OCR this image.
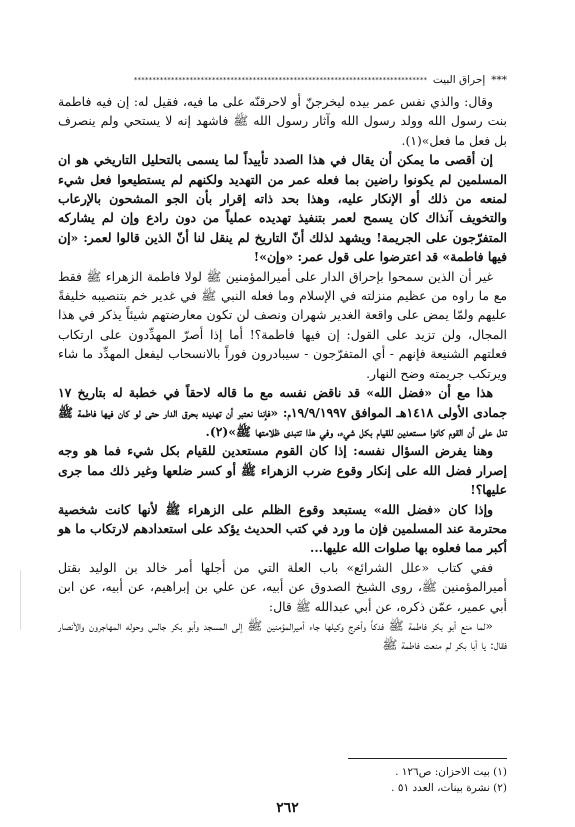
***
إحراق البيت
*******************************************************************************

وقال: والذي نفس عمر بيده ليخرجنّ أو لاحرقنّه على ما فيه، فقيل له: إن فيه فاطمة بنت رسول الله وولد رسول الله وآثار رسول الله ﷺ فاشهد إنه لا يستحي ولم ينصرف بل فعل ما فعل»(١).

إن أقصى ما يمكن أن يقال في هذا الصدد تأييداً لما يسمى بالتحليل التاريخي هو ان المسلمين لم يكونوا راضين بما فعله عمر من التهديد ولكنهم لم يستطيعوا فعل شيء لمنعه من ذلك أو الإنكار عليه، وهذا بحد ذاته إقرار بأن الجو المشحون بالإرعاب والتخويف آنذاك كان يسمح لعمر بتنفيذ تهديده عملياً من دون رادع وإن لم يشاركه المتفرّجون على الجريمة! ويشهد لذلك أنّ التاريخ لم ينقل لنا أنّ الذين قالوا لعمر: «إن فيها فاطمة» قد اعترضوا على قول عمر: «وإن»!

غير أن الذين سمحوا بإحراق الدار على أميرالمؤمنين ﷺ لولا فاطمة الزهراء ﷺ فقط مع ما راوه من عظيم منزلته في الإسلام وما فعله النبي ﷺ في غدير خم بتنصيبه خليفةً عليهم ولمّا يمض على واقعة الغدير شهران ونصف لن تكون معارضتهم شيئاً يذكر في هذا المجال، ولن تزيد على القول: إن فيها فاطمة؟! أما إذا أصرّ المهدِّدون على ارتكاب فعلتهم الشنيعة فإنهم - أي المتفرّجون - سيبادرون فوراً بالانسحاب ليفعل المهدِّد ما شاء ويرتكب جريمته وضح النهار.

هذا مع أن «فضل الله» قد ناقض نفسه مع ما قاله لاحقاً في خطبة له بتاريخ ١٧ جمادى الأولى ١٤١٨هـ الموافق ١٩/٩/١٩٩٧م: «فإننا نعتبر أن تهديده بحرق الدار حتى لو كان فيها فاطمة ﷺ تدل على أن القوم كانوا مستعدين للقيام بكل شيء، وفي هذا تتبدى ظلامتها ﷺ»(٢).

وهنا يفرض السؤال نفسه: إذا كان القوم مستعدين للقيام بكل شيء فما هو وجه إصرار فضل الله على إنكار وقوع ضرب الزهراء ﷺ أو كسر ضلعها وغير ذلك مما جرى عليها؟!

وإذا كان «فضل الله» يستبعد وقوع الظلم على الزهراء ﷺ لأنها كانت شخصية محترمة عند المسلمين فإن ما ورد في كتب الحديث يؤكد على استعدادهم لارتكاب ما هو أكبر مما فعلوه بها صلوات الله عليها...

ففي كتاب «علل الشرائع» باب العلة التي من أجلها أمر خالد بن الوليد بقتل أميرالمؤمنين ﷺ، روى الشيخ الصدوق عن أبيه، عن علي بن إبراهيم، عن أبيه، عن ابن أبي عمير، عمّن ذكره، عن أبي عبدالله ﷺ قال:

«لما منع أبو بكر فاطمة ﷺ فدكاً وأخرج وكيلها جاء أميرالمؤمنين ﷺ إلى المسجد وأبو بكر جالس وحوله المهاجرون والأنصار فقال: يا أبا بكر لم منعت فاطمة ﷺ

(١) بيت الاحزان: ص١٢٦ .
(٢) نشرة بينات، العدد ٥١ .
٢٦٢
